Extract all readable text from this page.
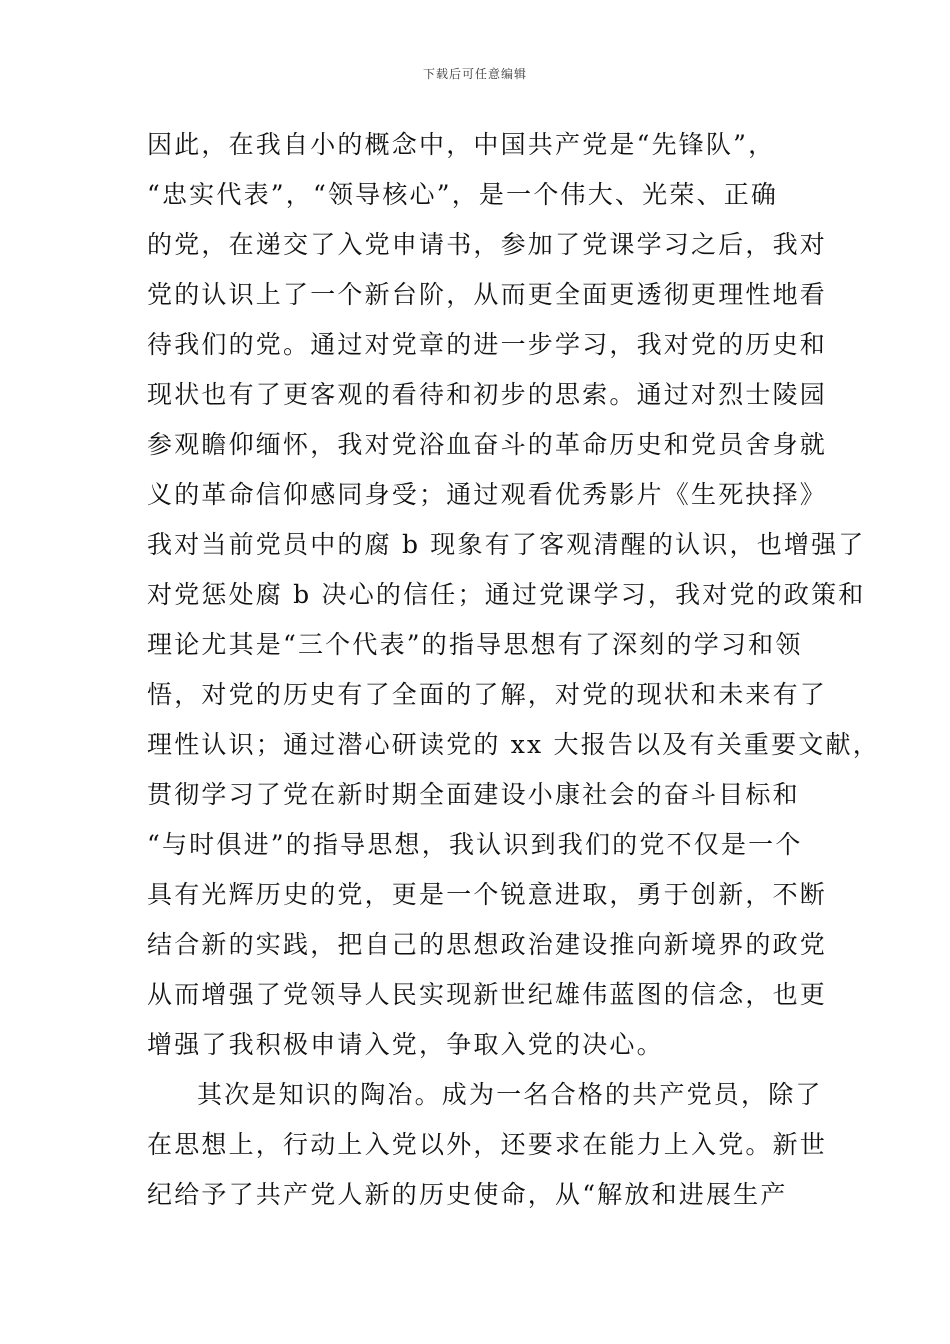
下载后可任意编辑
因此，在我自小的概念中，中国共产党是“先锋队”，
“忠实代表”，“领导核心”，是一个伟大、光荣、正确
的党，在递交了入党申请书，参加了党课学习之后，我对
党的认识上了一个新台阶，从而更全面更透彻更理性地看
待我们的党。通过对党章的进一步学习，我对党的历史和
现状也有了更客观的看待和初步的思索。通过对烈士陵园
参观瞻仰缅怀，我对党浴血奋斗的革命历史和党员舍身就
义的革命信仰感同身受；通过观看优秀影片《生死抉择》
我对当前党员中的腐 b 现象有了客观清醒的认识，也增强了
对党惩处腐 b 决心的信任；通过党课学习，我对党的政策和
理论尤其是“三个代表”的指导思想有了深刻的学习和领
悟，对党的历史有了全面的了解，对党的现状和未来有了
理性认识；通过潜心研读党的 xx 大报告以及有关重要文献，
贯彻学习了党在新时期全面建设小康社会的奋斗目标和
“与时俱进”的指导思想，我认识到我们的党不仅是一个
具有光辉历史的党，更是一个锐意进取，勇于创新，不断
结合新的实践，把自己的思想政治建设推向新境界的政党
从而增强了党领导人民实现新世纪雄伟蓝图的信念，也更
增强了我积极申请入党，争取入党的决心。
其次是知识的陶冶。成为一名合格的共产党员，除了
在思想上，行动上入党以外，还要求在能力上入党。新世
纪给予了共产党人新的历史使命，从“解放和进展生产
